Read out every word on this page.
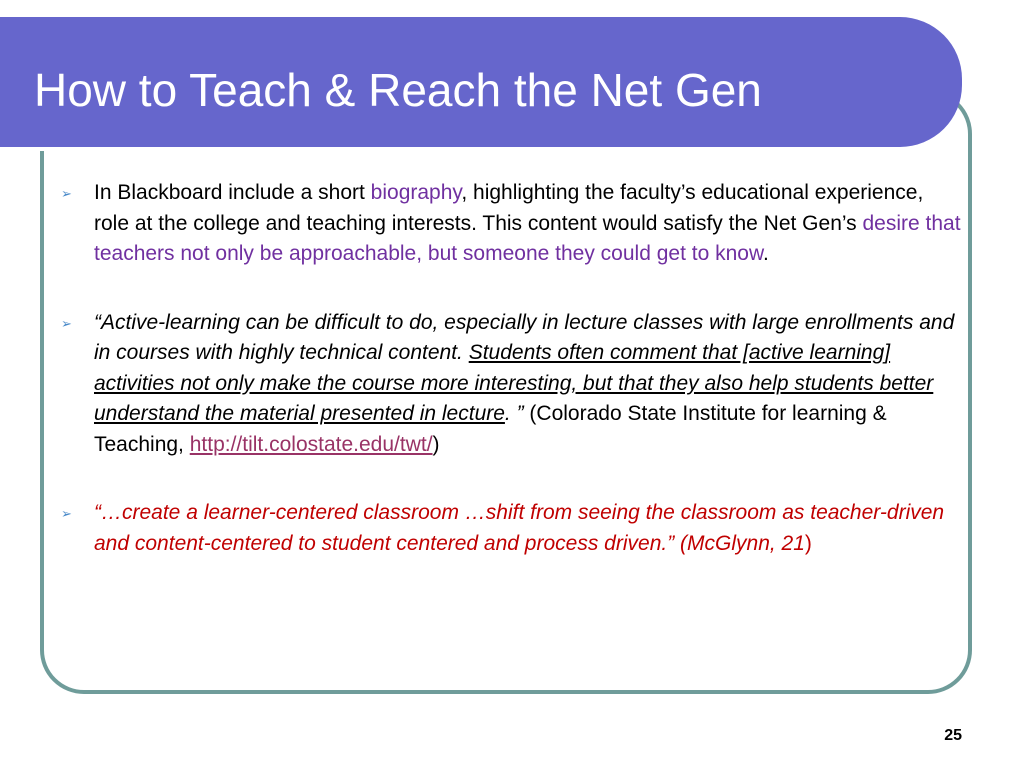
How to Teach & Reach the Net Gen
➢ In Blackboard include a short biography, highlighting the faculty’s educational experience, role at the college and teaching interests. This content would satisfy the Net Gen’s desire that teachers not only be approachable, but someone they could get to know.
➢ “Active-learning can be difficult to do, especially in lecture classes with large enrollments and in courses with highly technical content. Students often comment that [active learning] activities not only make the course more interesting, but that they also help students better understand the material presented in lecture. ” (Colorado State Institute for learning & Teaching, http://tilt.colostate.edu/twt/)
➢ “…create a learner-centered classroom …shift from seeing the classroom as teacher-driven and content-centered to student centered and process driven.” (McGlynn, 21)
25
